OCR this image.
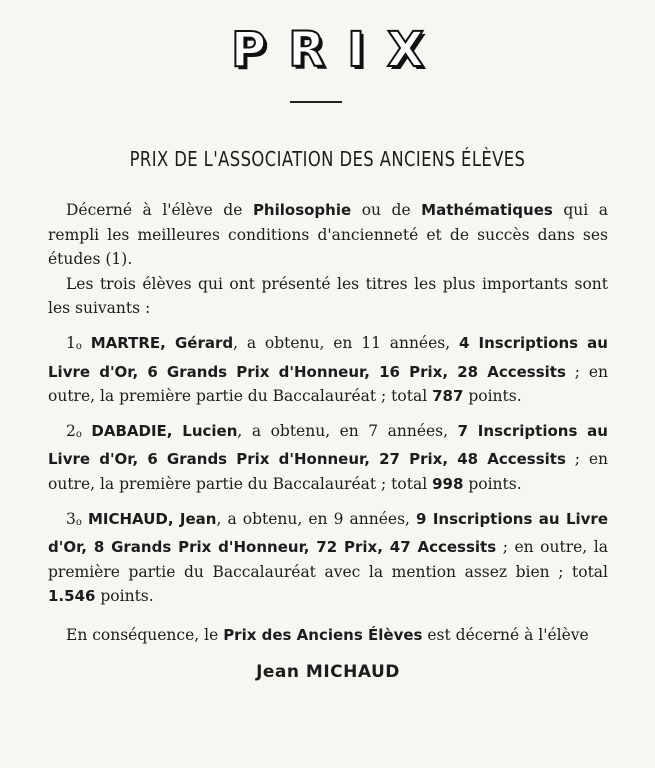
PRIX
PRIX DE L'ASSOCIATION DES ANCIENS ÉLÈVES

Décerné à l'élève de Philosophie ou de Mathématiques qui a rempli les meilleures conditions d'ancienneté et de succès dans ses études (1).

Les trois élèves qui ont présenté les titres les plus importants sont les suivants :

1$^o$ MARTRE, Gérard, a obtenu, en 11 années, 4 Inscriptions au Livre d'Or, 6 Grands Prix d'Honneur, 16 Prix, 28 Accessits ; en outre, la première partie du Baccalauréat ; total 787 points.

2$^o$ DABADIE, Lucien, a obtenu, en 7 années, 7 Inscriptions au Livre d'Or, 6 Grands Prix d'Honneur, 27 Prix, 48 Accessits ; en outre, la première partie du Baccalauréat ; total 998 points.

3$^o$ MICHAUD, Jean, a obtenu, en 9 années, 9 Inscriptions au Livre d'Or, 8 Grands Prix d'Honneur, 72 Prix, 47 Accessits ; en outre, la première partie du Baccalauréat avec la mention assez bien ; total 1.546 points.

En conséquence, le Prix des Anciens Élèves est décerné à l'élève

Jean MICHAUD
